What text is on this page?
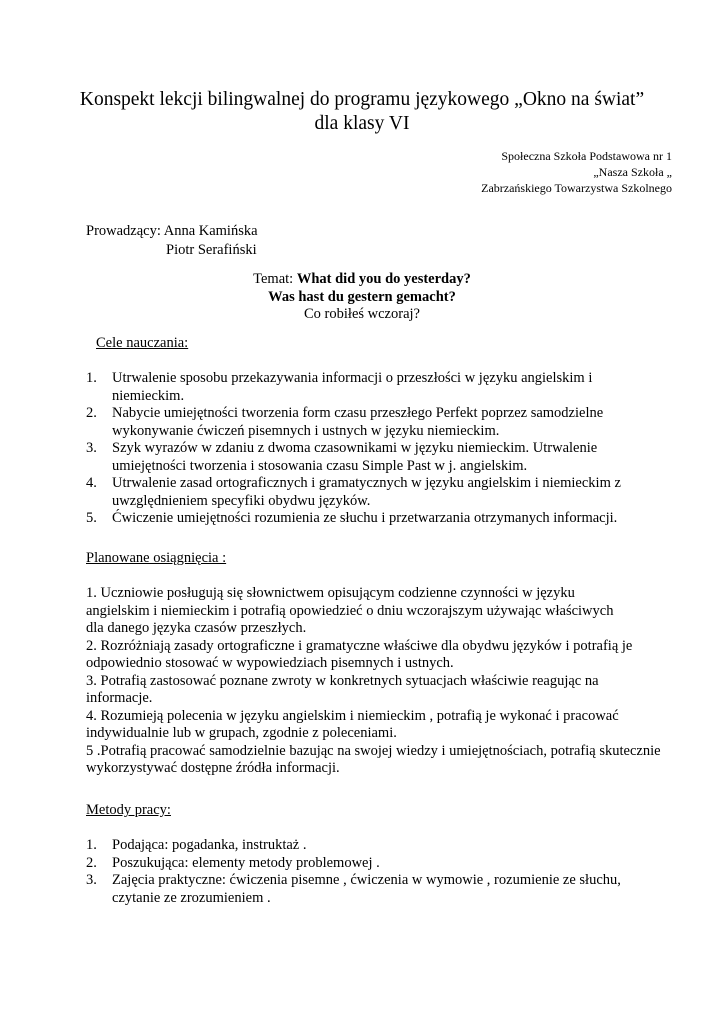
Konspekt lekcji bilingwalnej do programu językowego „Okno na świat”
dla klasy VI
Społeczna Szkoła Podstawowa nr 1
„Nasza Szkoła „
Zabrzańskiego Towarzystwa Szkolnego
Prowadzący: Anna Kamińska
Piotr Serafiński
Temat: What did you do yesterday?
Was hast du gestern gemacht?
Co robiłeś wczoraj?
Cele nauczania:
1. Utrwalenie sposobu przekazywania informacji o przeszłości w języku angielskim i
niemieckim.
2. Nabycie umiejętności tworzenia form czasu przeszłego Perfekt poprzez samodzielne
wykonywanie ćwiczeń pisemnych i ustnych w języku niemieckim.
3. Szyk wyrazów w zdaniu z dwoma czasownikami w języku niemieckim. Utrwalenie
umiejętności tworzenia i stosowania czasu Simple Past w j. angielskim.
4. Utrwalenie zasad ortograficznych i gramatycznych w języku angielskim i niemieckim z
uwzględnieniem specyfiki obydwu języków.
5. Ćwiczenie umiejętności rozumienia ze słuchu i przetwarzania otrzymanych informacji.
Planowane osiągnięcia :
1. Uczniowie posługują się słownictwem opisującym codzienne czynności w języku
angielskim i niemieckim i potrafią opowiedzieć o dniu wczorajszym używając właściwych
dla danego języka czasów przeszłych.
2. Rozróżniają zasady ortograficzne i gramatyczne właściwe dla obydwu języków i potrafią je
odpowiednio stosować w wypowiedziach pisemnych i ustnych.
3. Potrafią zastosować poznane zwroty w konkretnych sytuacjach właściwie reagując na
informacje.
4. Rozumieją polecenia w języku angielskim i niemieckim , potrafią je wykonać i pracować
indywidualnie lub w grupach, zgodnie z poleceniami.
5 .Potrafią pracować samodzielnie bazując na swojej wiedzy i umiejętnościach, potrafią skutecznie
wykorzystywać dostępne źródła informacji.
Metody pracy:
1. Podająca: pogadanka, instruktaż .
2. Poszukująca: elementy metody problemowej .
3. Zajęcia praktyczne: ćwiczenia pisemne , ćwiczenia w wymowie , rozumienie ze słuchu,
czytanie ze zrozumieniem .
